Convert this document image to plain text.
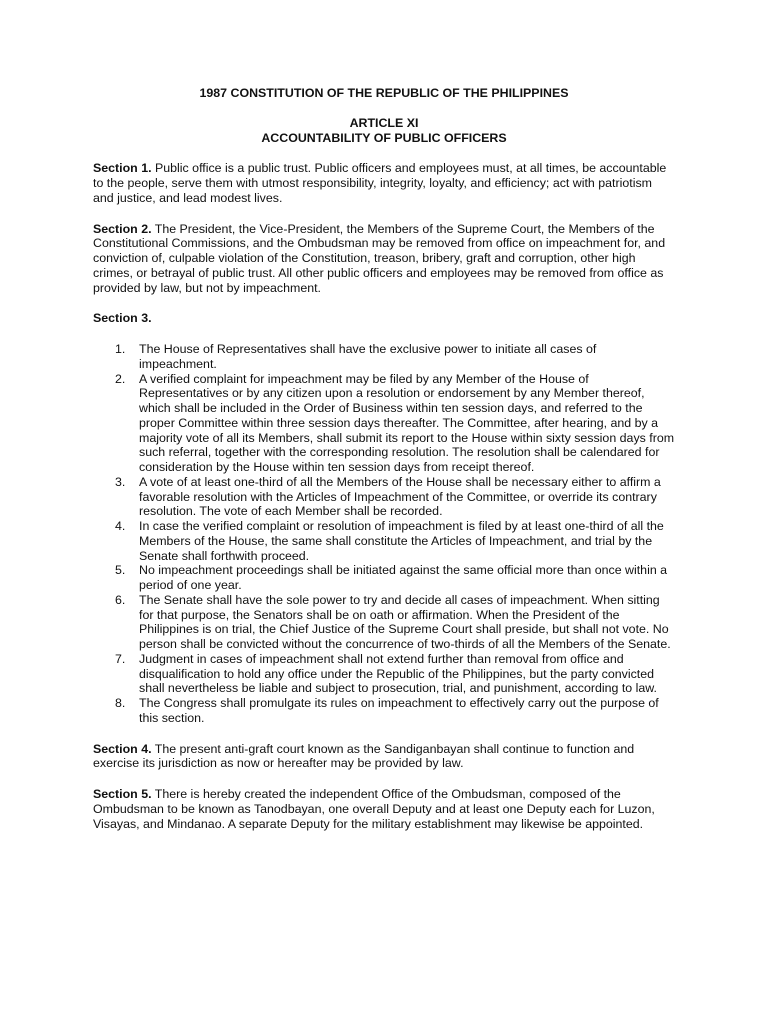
1987 CONSTITUTION OF THE REPUBLIC OF THE PHILIPPINES
ARTICLE XI
ACCOUNTABILITY OF PUBLIC OFFICERS

Section 1. Public office is a public trust. Public officers and employees must, at all times, be accountable to the people, serve them with utmost responsibility, integrity, loyalty, and efficiency; act with patriotism and justice, and lead modest lives.

Section 2. The President, the Vice-President, the Members of the Supreme Court, the Members of the Constitutional Commissions, and the Ombudsman may be removed from office on impeachment for, and conviction of, culpable violation of the Constitution, treason, bribery, graft and corruption, other high crimes, or betrayal of public trust. All other public officers and employees may be removed from office as provided by law, but not by impeachment.

Section 3.
1.	The House of Representatives shall have the exclusive power to initiate all cases of impeachment.
2.	A verified complaint for impeachment may be filed by any Member of the House of Representatives or by any citizen upon a resolution or endorsement by any Member thereof, which shall be included in the Order of Business within ten session days, and referred to the proper Committee within three session days thereafter. The Committee, after hearing, and by a majority vote of all its Members, shall submit its report to the House within sixty session days from such referral, together with the corresponding resolution. The resolution shall be calendared for consideration by the House within ten session days from receipt thereof.
3.	A vote of at least one-third of all the Members of the House shall be necessary either to affirm a favorable resolution with the Articles of Impeachment of the Committee, or override its contrary resolution. The vote of each Member shall be recorded.
4.	In case the verified complaint or resolution of impeachment is filed by at least one-third of all the Members of the House, the same shall constitute the Articles of Impeachment, and trial by the Senate shall forthwith proceed.
5.	No impeachment proceedings shall be initiated against the same official more than once within a period of one year.
6.	The Senate shall have the sole power to try and decide all cases of impeachment. When sitting for that purpose, the Senators shall be on oath or affirmation. When the President of the Philippines is on trial, the Chief Justice of the Supreme Court shall preside, but shall not vote. No person shall be convicted without the concurrence of two-thirds of all the Members of the Senate.
7.	Judgment in cases of impeachment shall not extend further than removal from office and disqualification to hold any office under the Republic of the Philippines, but the party convicted shall nevertheless be liable and subject to prosecution, trial, and punishment, according to law.
8.	The Congress shall promulgate its rules on impeachment to effectively carry out the purpose of this section.

Section 4. The present anti-graft court known as the Sandiganbayan shall continue to function and exercise its jurisdiction as now or hereafter may be provided by law.

Section 5. There is hereby created the independent Office of the Ombudsman, composed of the Ombudsman to be known as Tanodbayan, one overall Deputy and at least one Deputy each for Luzon, Visayas, and Mindanao. A separate Deputy for the military establishment may likewise be appointed.
